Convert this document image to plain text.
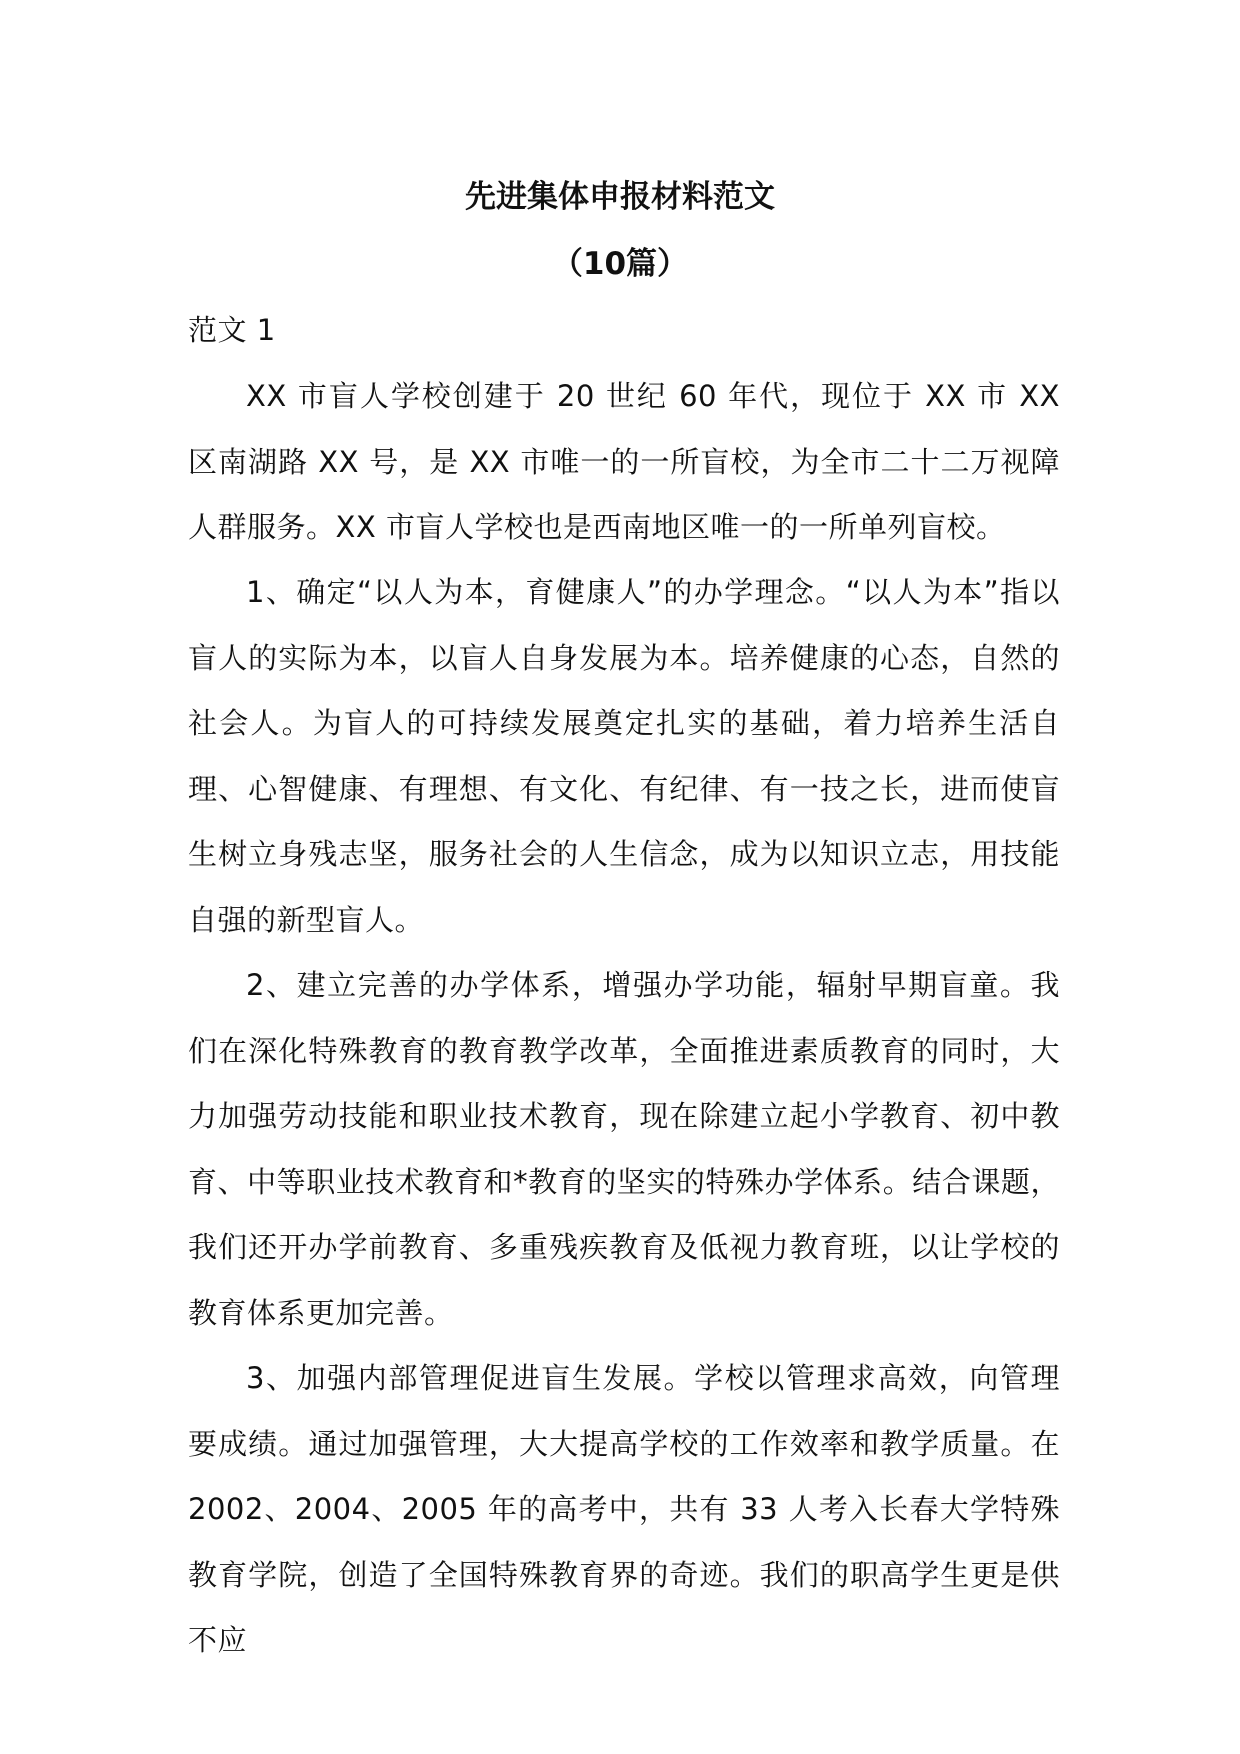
先进集体申报材料范文
（10篇）

范文 1

XX 市盲人学校创建于 20 世纪 60 年代，现位于 XX 市 XX 区南湖路 XX 号，是 XX 市唯一的一所盲校，为全市二十二万视障人群服务。XX 市盲人学校也是西南地区唯一的一所单列盲校。

1、确定“以人为本，育健康人”的办学理念。“以人为本”指以盲人的实际为本，以盲人自身发展为本。培养健康的心态，自然的社会人。为盲人的可持续发展奠定扎实的基础，着力培养生活自理、心智健康、有理想、有文化、有纪律、有一技之长，进而使盲生树立身残志坚，服务社会的人生信念，成为以知识立志，用技能自强的新型盲人。

2、建立完善的办学体系，增强办学功能，辐射早期盲童。我们在深化特殊教育的教育教学改革，全面推进素质教育的同时，大力加强劳动技能和职业技术教育，现在除建立起小学教育、初中教育、中等职业技术教育和*教育的坚实的特殊办学体系。结合课题，我们还开办学前教育、多重残疾教育及低视力教育班，以让学校的教育体系更加完善。

3、加强内部管理促进盲生发展。学校以管理求高效，向管理要成绩。通过加强管理，大大提高学校的工作效率和教学质量。在 2002、2004、2005 年的高考中，共有 33 人考入长春大学特殊教育学院，创造了全国特殊教育界的奇迹。我们的职高学生更是供不应
